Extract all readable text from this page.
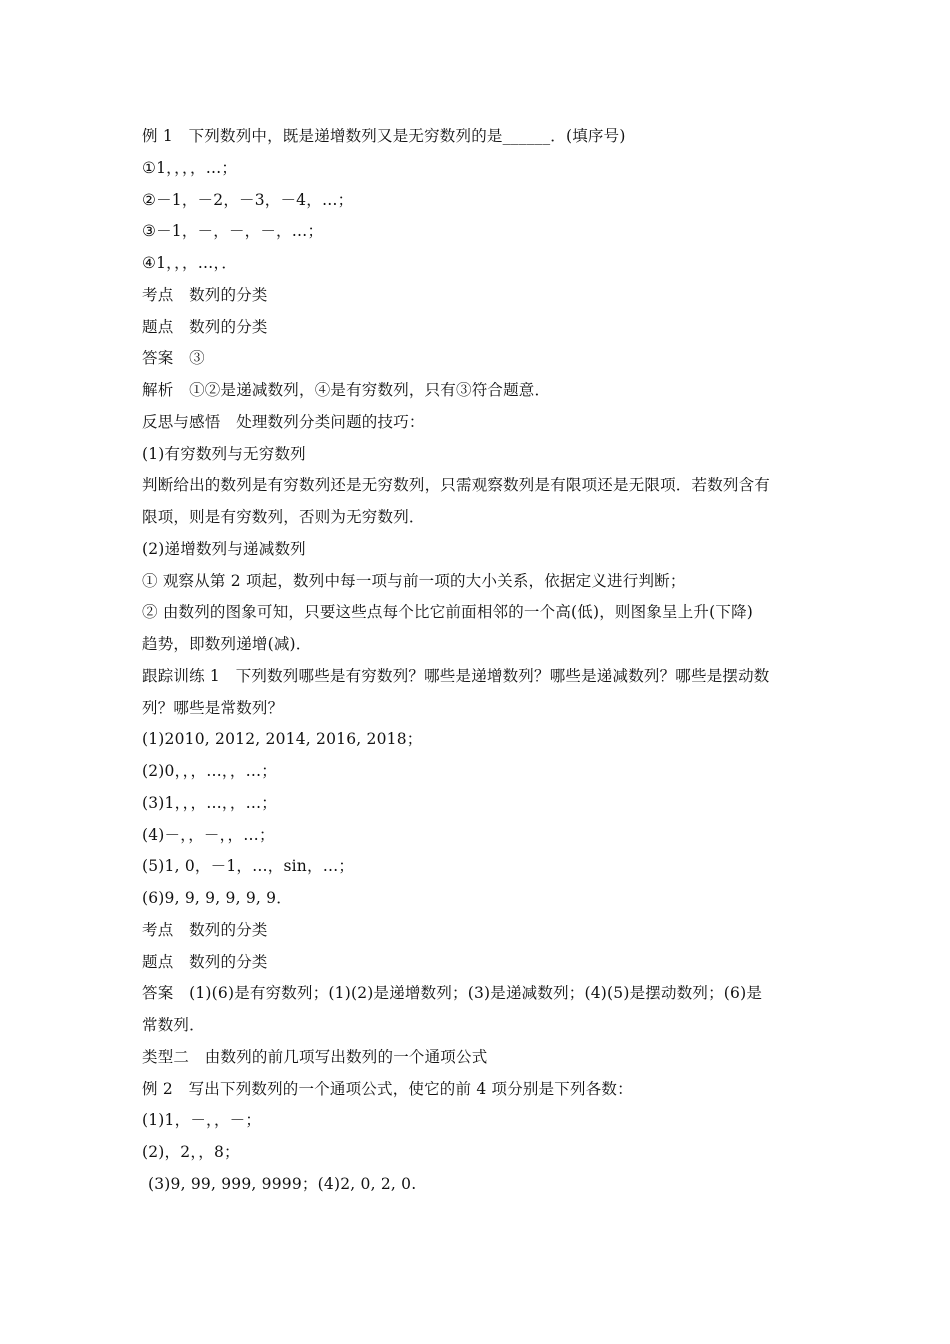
例 1　下列数列中，既是递增数列又是无穷数列的是______．(填序号)
①1，，，，…；
②－1，－2，－3，－4，…；
③－1，－，－，－，…；
④1，，，…，．
考点　数列的分类
题点　数列的分类
答案　③
解析　①②是递减数列，④是有穷数列，只有③符合题意．
反思与感悟　处理数列分类问题的技巧：
(1)有穷数列与无穷数列
判断给出的数列是有穷数列还是无穷数列，只需观察数列是有限项还是无限项．若数列含有
限项，则是有穷数列，否则为无穷数列．
(2)递增数列与递减数列
① 观察从第 2 项起，数列中每一项与前一项的大小关系，依据定义进行判断；
② 由数列的图象可知，只要这些点每个比它前面相邻的一个高(低)，则图象呈上升(下降)
趋势，即数列递增(减)．
跟踪训练 1　下列数列哪些是有穷数列？哪些是递增数列？哪些是递减数列？哪些是摆动数
列？哪些是常数列？
(1)2010, 2012, 2014, 2016, 2018；
(2)0，，，…，，…；
(3)1，，，…，，…；
(4)－，，－，，…；
(5)1, 0，－1，…，sin，…；
(6)9, 9, 9, 9, 9, 9．
考点　数列的分类
题点　数列的分类
答案　(1)(6)是有穷数列；(1)(2)是递增数列；(3)是递减数列；(4)(5)是摆动数列；(6)是
常数列．
类型二　由数列的前几项写出数列的一个通项公式
例 2　写出下列数列的一个通项公式，使它的前 4 项分别是下列各数：
(1)1，－，，－；
(2)，2，，8；
(3)9, 99, 999, 9999；(4)2, 0, 2, 0.
